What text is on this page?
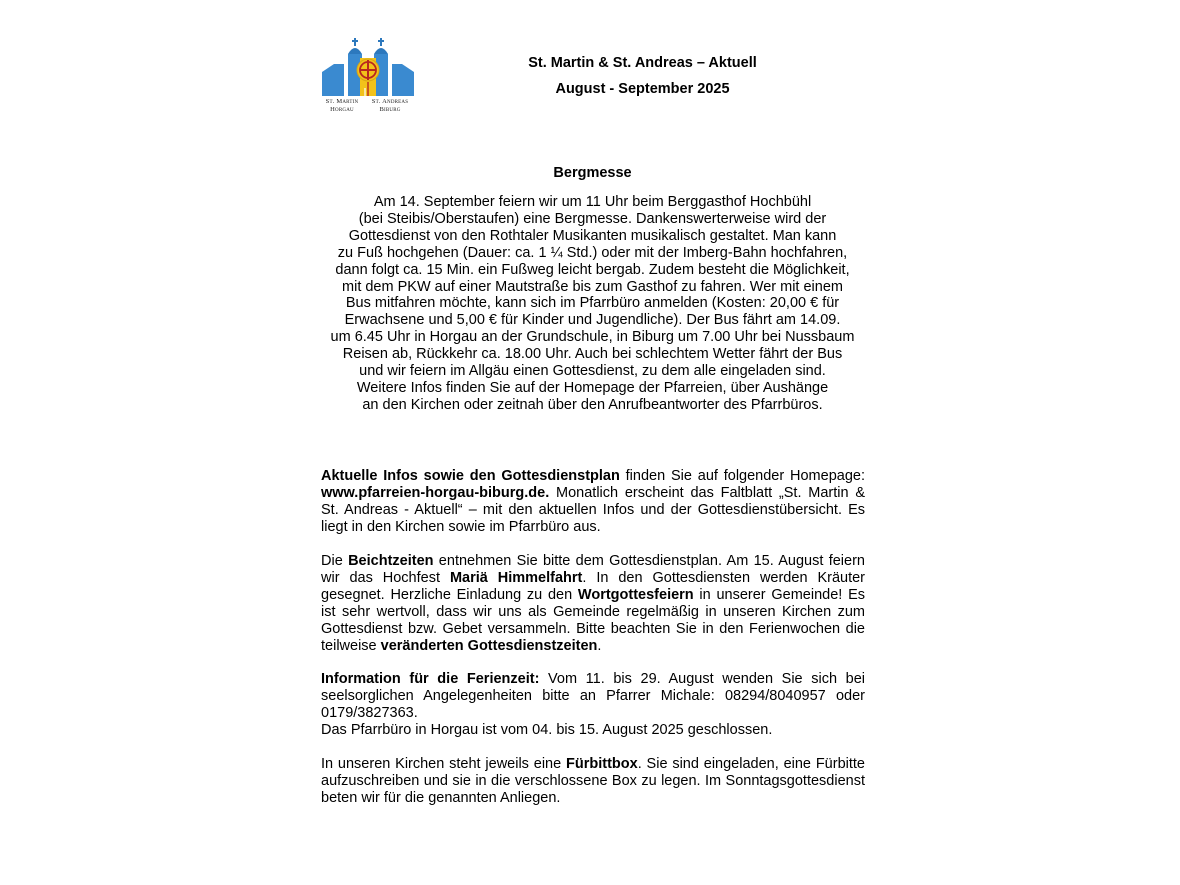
St. Martin
Horgau
St. Andreas
Biburg
St. Martin & St. Andreas – Aktuell
August - September 2025
Bergmesse
Am 14. September feiern wir um 11 Uhr beim Berggasthof Hochbühl
(bei Steibis/Oberstaufen) eine Bergmesse. Dankenswerterweise wird der
Gottesdienst von den Rothtaler Musikanten musikalisch gestaltet. Man kann
zu Fuß hochgehen (Dauer: ca. 1 ¼ Std.) oder mit der Imberg-Bahn hochfahren,
dann folgt ca. 15 Min. ein Fußweg leicht bergab. Zudem besteht die Möglichkeit,
mit dem PKW auf einer Mautstraße bis zum Gasthof zu fahren. Wer mit einem
Bus mitfahren möchte, kann sich im Pfarrbüro anmelden (Kosten: 20,00 € für
Erwachsene und 5,00 € für Kinder und Jugendliche). Der Bus fährt am 14.09.
um 6.45 Uhr in Horgau an der Grundschule, in Biburg um 7.00 Uhr bei Nussbaum
Reisen ab, Rückkehr ca. 18.00 Uhr. Auch bei schlechtem Wetter fährt der Bus
und wir feiern im Allgäu einen Gottesdienst, zu dem alle eingeladen sind.
Weitere Infos finden Sie auf der Homepage der Pfarreien, über Aushänge
an den Kirchen oder zeitnah über den Anrufbeantworter des Pfarrbüros.
Aktuelle Infos sowie den Gottesdienstplan finden Sie auf folgender Homepage: www.pfarreien-horgau-biburg.de. Monatlich erscheint das Faltblatt „St. Martin & St. Andreas - Aktuell“ – mit den aktuellen Infos und der Gottesdienstübersicht. Es liegt in den Kirchen sowie im Pfarrbüro aus.
Die Beichtzeiten entnehmen Sie bitte dem Gottesdienstplan. Am 15. August feiern wir das Hochfest Mariä Himmelfahrt. In den Gottesdiensten werden Kräuter gesegnet. Herzliche Einladung zu den Wortgottesfeiern in unserer Gemeinde! Es ist sehr wertvoll, dass wir uns als Gemeinde regelmäßig in unseren Kirchen zum Gottesdienst bzw. Gebet versammeln. Bitte beachten Sie in den Ferienwochen die teilweise veränderten Gottesdienstzeiten.
Information für die Ferienzeit: Vom 11. bis 29. August wenden Sie sich bei seelsorglichen Angelegenheiten bitte an Pfarrer Michale: 08294/8040957 oder 0179/3827363.
Das Pfarrbüro in Horgau ist vom 04. bis 15. August 2025 geschlossen.
In unseren Kirchen steht jeweils eine Fürbittbox. Sie sind eingeladen, eine Fürbitte aufzuschreiben und sie in die verschlossene Box zu legen. Im Sonntagsgottesdienst beten wir für die genannten Anliegen.
